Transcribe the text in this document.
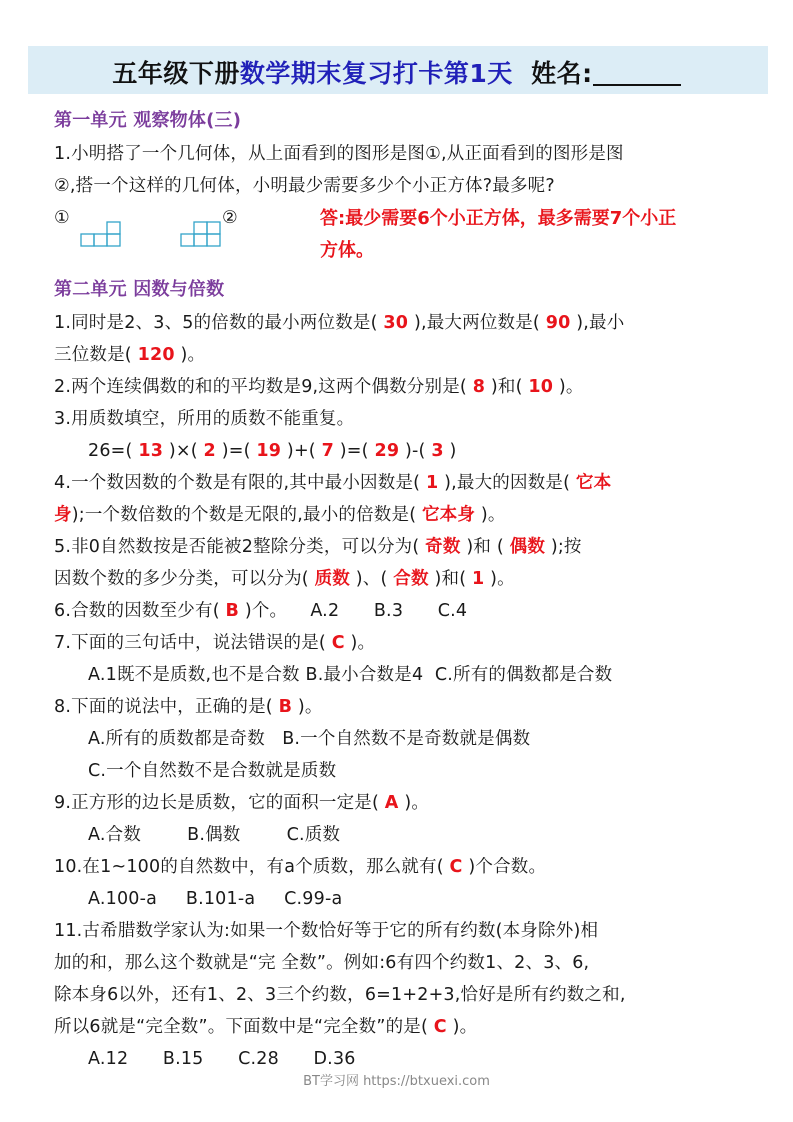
五年级下册数学期末复习打卡第1天 姓名:
第一单元 观察物体(三)
1.小明搭了一个几何体，从上面看到的图形是图①,从正面看到的图形是图
②,搭一个这样的几何体，小明最少需要多少个小正方体?最多呢?
①	②	答:最少需要6个小正方体，最多需要7个小正
方体。
第二单元 因数与倍数
1.同时是2、3、5的倍数的最小两位数是( 30 ),最大两位数是( 90 ),最小
三位数是( 120 )。
2.两个连续偶数的和的平均数是9,这两个偶数分别是( 8 )和( 10 )。
3.用质数填空，所用的质数不能重复。
26=( 13 )×( 2 )=( 19 )+( 7 )=( 29 )-( 3 )
4.一个数因数的个数是有限的,其中最小因数是( 1 ),最大的因数是( 它本
身);一个数倍数的个数是无限的,最小的倍数是( 它本身 )。
5.非0自然数按是否能被2整除分类，可以分为( 奇数 )和 ( 偶数 );按
因数个数的多少分类，可以分为( 质数 )、( 合数 )和( 1 )。
6.合数的因数至少有( B )个。 A.2      B.3      C.4
7.下面的三句话中，说法错误的是( C )。
A.1既不是质数,也不是合数 B.最小合数是4  C.所有的偶数都是合数
8.下面的说法中，正确的是( B )。
A.所有的质数都是奇数   B.一个自然数不是奇数就是偶数
C.一个自然数不是合数就是质数
9.正方形的边长是质数，它的面积一定是( A )。
A.合数        B.偶数        C.质数
10.在1~100的自然数中，有a个质数，那么就有( C )个合数。
A.100-a     B.101-a     C.99-a
11.古希腊数学家认为:如果一个数恰好等于它的所有约数(本身除外)相
加的和，那么这个数就是“完 全数”。例如:6有四个约数1、2、3、6,
除本身6以外，还有1、2、3三个约数，6=1+2+3,恰好是所有约数之和,
所以6就是“完全数”。下面数中是“完全数”的是( C )。
A.12      B.15      C.28      D.36
BT学习网 https://btxuexi.com
